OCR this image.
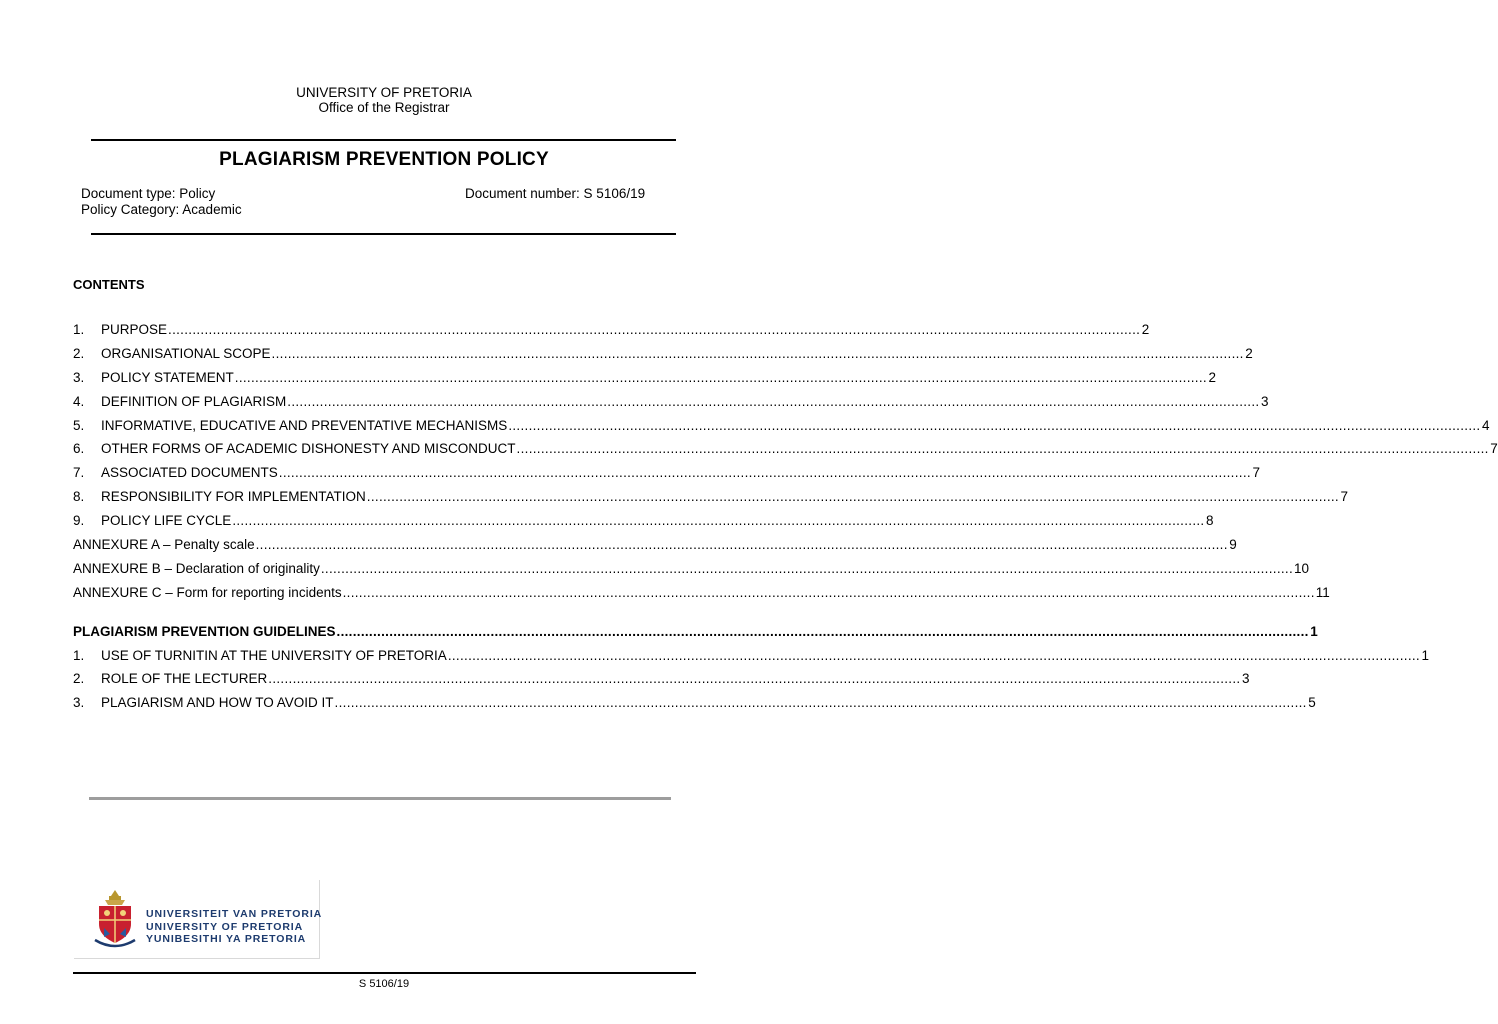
UNIVERSITY OF PRETORIA
Office of the Registrar
PLAGIARISM PREVENTION POLICY
Document type: Policy	Document number: S 5106/19
Policy Category: Academic
CONTENTS
1.	PURPOSE ................................................................................................................................................................................................................................................ 2
2.	ORGANISATIONAL SCOPE ................................................................................................................................................................................................................................................ 2
3.	POLICY STATEMENT ................................................................................................................................................................................................................................................ 2
4.	DEFINITION OF PLAGIARISM ................................................................................................................................................................................................................................................ 3
5.	INFORMATIVE, EDUCATIVE AND PREVENTATIVE MECHANISMS ................................................................................................................................................................................................................................................ 4
6.	OTHER FORMS OF ACADEMIC DISHONESTY AND MISCONDUCT ................................................................................................................................................................................................................................................ 7
7.	ASSOCIATED DOCUMENTS ................................................................................................................................................................................................................................................ 7
8.	RESPONSIBILITY FOR IMPLEMENTATION ................................................................................................................................................................................................................................................ 7
9.	POLICY LIFE CYCLE ................................................................................................................................................................................................................................................ 8
ANNEXURE A – Penalty scale ................................................................................................................................................................................................................................................ 9
ANNEXURE B – Declaration of originality ................................................................................................................................................................................................................................................ 10
ANNEXURE C – Form for reporting incidents ................................................................................................................................................................................................................................................ 11
PLAGIARISM PREVENTION GUIDELINES ................................................................................................................................................................................................................................................ 1
1.	USE OF TURNITIN AT THE UNIVERSITY OF PRETORIA ................................................................................................................................................................................................................................................ 1
2.	ROLE OF THE LECTURER ................................................................................................................................................................................................................................................ 3
3.	PLAGIARISM AND HOW TO AVOID IT ................................................................................................................................................................................................................................................ 5
UNIVERSITEIT VAN PRETORIA
UNIVERSITY OF PRETORIA
YUNIBESITHI YA PRETORIA
S 5106/19
